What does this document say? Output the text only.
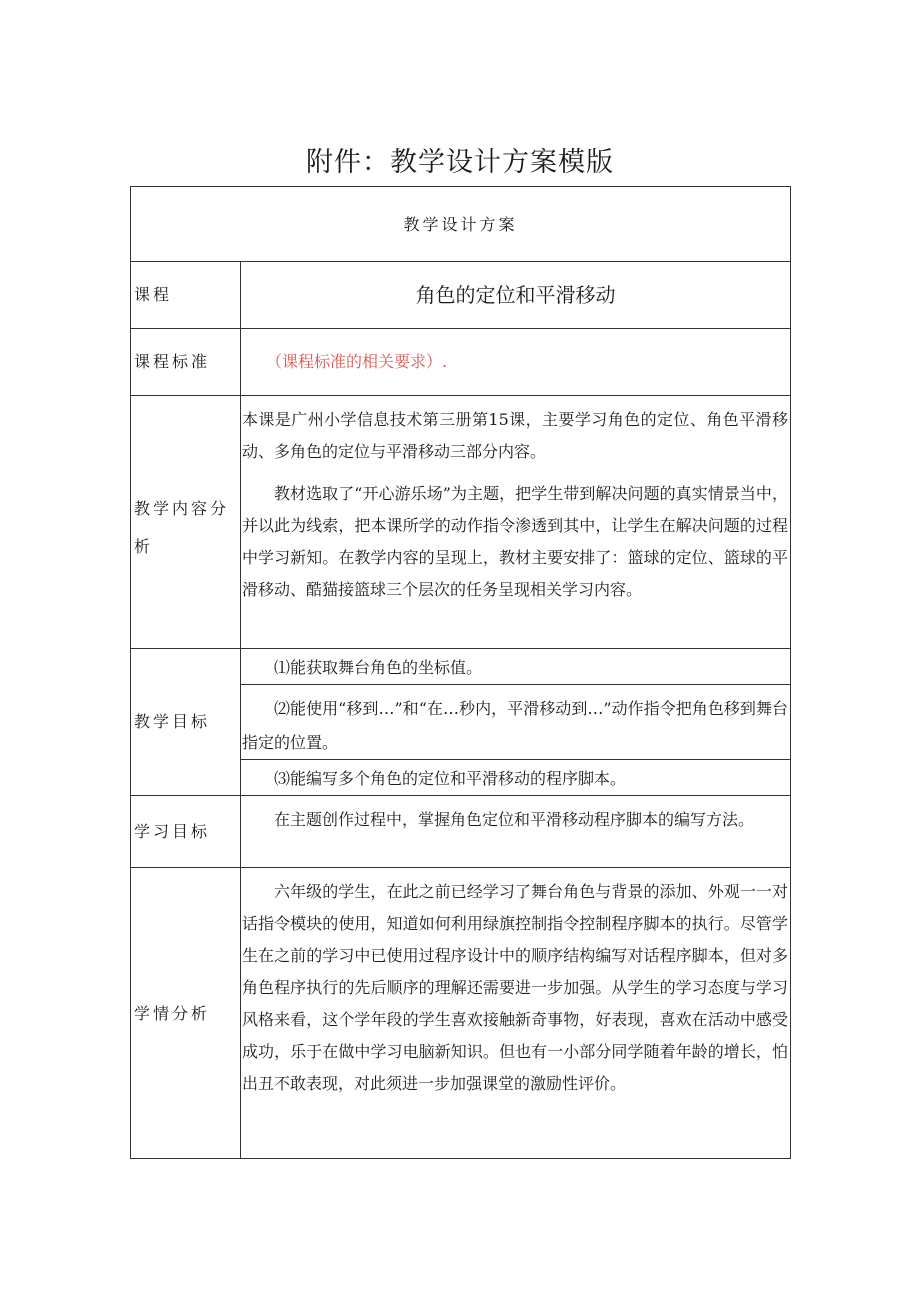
附件：教学设计方案模版
教学设计方案
课程	角色的定位和平滑移动
课程标准	（课程标准的相关要求）.
教学内容分析
本课是广州小学信息技术第三册第15课，主要学习角色的定位、角色平滑移动、多角色的定位与平滑移动三部分内容。
教材选取了“开心游乐场”为主题，把学生带到解决问题的真实情景当中，并以此为线索，把本课所学的动作指令渗透到其中，让学生在解决问题的过程中学习新知。在教学内容的呈现上，教材主要安排了：篮球的定位、篮球的平滑移动、酷猫接篮球三个层次的任务呈现相关学习内容。
教学目标
⑴能获取舞台角色的坐标值。
⑵能使用“移到…”和“在…秒内，平滑移动到…”动作指令把角色移到舞台指定的位置。
⑶能编写多个角色的定位和平滑移动的程序脚本。
学习目标
在主题创作过程中，掌握角色定位和平滑移动程序脚本的编写方法。
学情分析
六年级的学生，在此之前已经学习了舞台角色与背景的添加、外观一一对话指令模块的使用，知道如何利用绿旗控制指令控制程序脚本的执行。尽管学生在之前的学习中已使用过程序设计中的顺序结构编写对话程序脚本，但对多角色程序执行的先后顺序的理解还需要进一步加强。从学生的学习态度与学习风格来看，这个学年段的学生喜欢接触新奇事物，好表现，喜欢在活动中感受成功，乐于在做中学习电脑新知识。但也有一小部分同学随着年龄的增长，怕出丑不敢表现，对此须进一步加强课堂的激励性评价。
